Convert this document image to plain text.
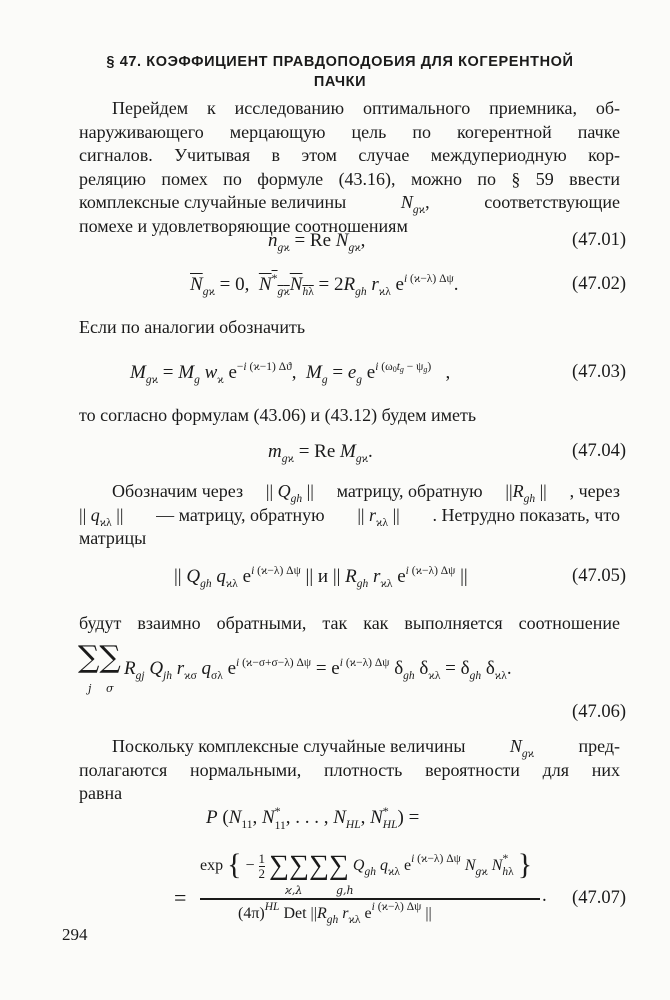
§ 47. КОЭФФИЦИЕНТ ПРАВДОПОДОБИЯ ДЛЯ КОГЕРЕНТНОЙ
ПАЧКИ
Перейдем к исследованию оптимального приемника, об-
наруживающего мерцающую цель по когерентной пачке
сигналов. Учитывая в этом случае междупериодную кор-
реляцию помех по формуле (43.16), можно по § 59 ввести
комплексные случайные величины	$N_{gϰ}$,	соответствующие
помехе и удовлетворяющие соотношениям
$n_{gϰ} = Re$ $N_{gϰ}$,	(47.01)
$\overline{N}_{gϰ} = 0$,  $N^*_{gϰ}N_{h\lambda} = 2R_{gh}$ $r_{ϰ\lambda}$ $e^{i (ϰ-\lambda) \Delta\psi}$.	(47.02)
Если по аналогии обозначить
$M_{gϰ} = M_g$ $w_ϰ$ $e^{-i (ϰ-1) \Delta ϑ}$,  $M_g = e_g$ $e^{i (\omega_0t_g - \psi_g)}$   ,	(47.03)
то согласно формулам (43.06) и (43.12) будем иметь
$m_{gϰ} = Re$ $M_{gϰ}$.	(47.04)
Обозначим через || $Q_{gh}$ || матрицу, обратную $||R_{gh}$ || , через
|| $q_{ϰ\lambda}$ || — матрицу, обратную || $r_{ϰ\lambda}$ || . Нетрудно показать, что
матрицы
|| $Q_{gh}$ $q_{ϰ\lambda}$ $e^{i (ϰ-\lambda) \Delta\psi}$ || и || $R_{gh}$ $r_{ϰ\lambda}$ $e^{i (ϰ-\lambda) \Delta\psi}$ ||	(47.05)
будут взаимно обратными, так как выполняется соотношение
∑∑
j σ
$R_{gj}$ $Q_{jh}$ $r_{ϰ\sigma}$ $q_{\sigma\lambda}$ $e^{i (ϰ-\sigma+\sigma-\lambda) \Delta\psi} = e^{i (ϰ-\lambda) \Delta\psi}$ $\delta_{gh}$ $\delta_{ϰ\lambda} = \delta_{gh}$ $\delta_{ϰ\lambda}$.
(47.06)
Поскольку комплексные случайные величины $N_{gϰ}$ пред-
полагаются нормальными, плотность вероятности для них
равна
P ($N_{11}$, $N^*_{11}$, . . . , $N_{HL}$, $N^*_{HL}$) =
exp { − $\frac{1}{2}$ ∑∑∑∑ $Q_{gh}$ $q_{ϰ\lambda}$ $e^{i (ϰ-\lambda) \Delta\psi}$ $N_{gϰ}$ $N^*_{h\lambda}$ }
ϰ,λ	g,h
=
$(4\pi)^{HL}$ Det $||R_{gh}$ $r_{ϰ\lambda}$ $e^{i (ϰ-\lambda) \Delta\psi}$ ||
.	(47.07)
294
